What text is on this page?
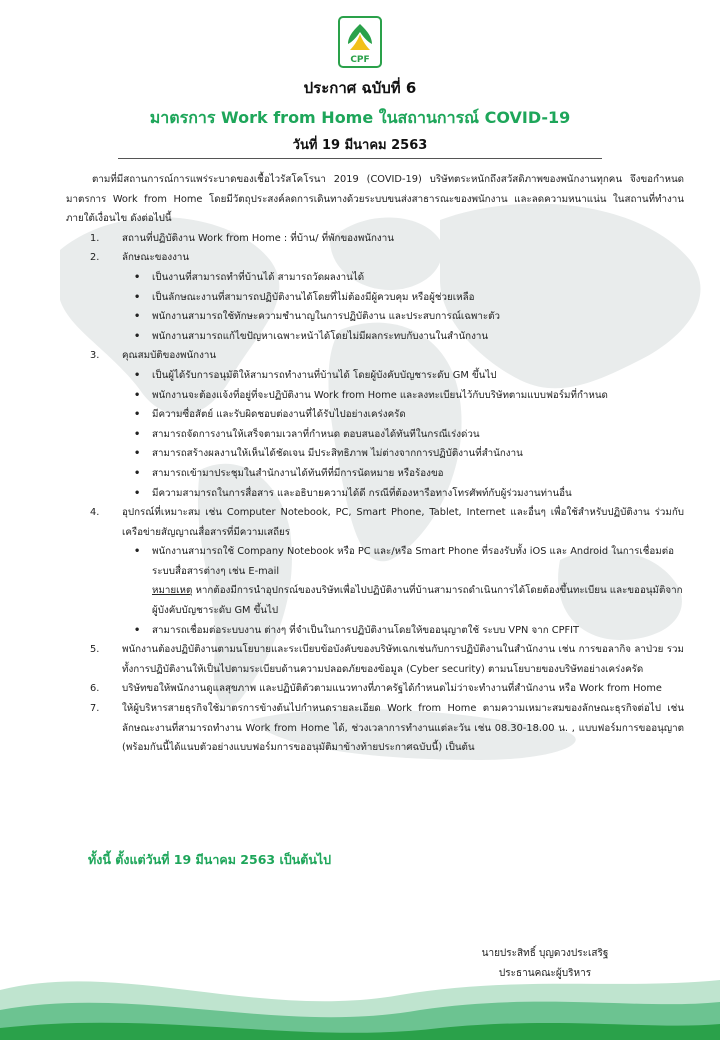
CPF
ประกาศ ฉบับที่ 6
มาตรการ Work from Home ในสถานการณ์ COVID-19
วันที่ 19 มีนาคม 2563

ตามที่มีสถานการณ์การแพร่ระบาดของเชื้อไวรัสโคโรนา 2019 (COVID-19) บริษัทตระหนักถึงสวัสดิภาพของพนักงานทุกคน จึงขอกำหนดมาตรการ Work from Home โดยมีวัตถุประสงค์ลดการเดินทางด้วยระบบขนส่งสาธารณะของพนักงาน และลดความหนาแน่น ในสถานที่ทำงาน ภายใต้เงื่อนไข ดังต่อไปนี้

1.	สถานที่ปฏิบัติงาน Work from Home : ที่บ้าน/ ที่พักของพนักงาน
2.	ลักษณะของงาน
•	เป็นงานที่สามารถทำที่บ้านได้ สามารถวัดผลงานได้
•	เป็นลักษณะงานที่สามารถปฏิบัติงานได้โดยที่ไม่ต้องมีผู้ควบคุม หรือผู้ช่วยเหลือ
•	พนักงานสามารถใช้ทักษะความชำนาญในการปฏิบัติงาน และประสบการณ์เฉพาะตัว
•	พนักงานสามารถแก้ไขปัญหาเฉพาะหน้าได้โดยไม่มีผลกระทบกับงานในสำนักงาน
3.	คุณสมบัติของพนักงาน
•	เป็นผู้ได้รับการอนุมัติให้สามารถทำงานที่บ้านได้ โดยผู้บังคับบัญชาระดับ GM ขึ้นไป
•	พนักงานจะต้องแจ้งที่อยู่ที่จะปฏิบัติงาน Work from Home และลงทะเบียนไว้กับบริษัทตามแบบฟอร์มที่กำหนด
•	มีความซื่อสัตย์ และรับผิดชอบต่องานที่ได้รับไปอย่างเคร่งครัด
•	สามารถจัดการงานให้เสร็จตามเวลาที่กำหนด ตอบสนองได้ทันทีในกรณีเร่งด่วน
•	สามารถสร้างผลงานให้เห็นได้ชัดเจน มีประสิทธิภาพ ไม่ต่างจากการปฏิบัติงานที่สำนักงาน
•	สามารถเข้ามาประชุมในสำนักงานได้ทันทีที่มีการนัดหมาย หรือร้องขอ
•	มีความสามารถในการสื่อสาร และอธิบายความได้ดี กรณีที่ต้องหารือทางโทรศัพท์กับผู้ร่วมงานท่านอื่น
4.	อุปกรณ์ที่เหมาะสม เช่น Computer Notebook, PC, Smart Phone, Tablet, Internet และอื่นๆ เพื่อใช้สำหรับปฏิบัติงาน ร่วมกับเครือข่ายสัญญาณสื่อสารที่มีความเสถียร
•	พนักงานสามารถใช้ Company Notebook หรือ PC และ/หรือ Smart Phone ที่รองรับทั้ง iOS และ Android ในการเชื่อมต่อระบบสื่อสารต่างๆ เช่น E-mail

หมายเหตุ หากต้องมีการนำอุปกรณ์ของบริษัทเพื่อไปปฏิบัติงานที่บ้านสามารถดำเนินการได้โดยต้องขึ้นทะเบียน และขออนุมัติจากผู้บังคับบัญชาระดับ GM ขึ้นไป

•	สามารถเชื่อมต่อระบบงาน ต่างๆ ที่จำเป็นในการปฏิบัติงานโดยให้ขออนุญาตใช้ ระบบ VPN จาก CPFIT
5.	พนักงานต้องปฏิบัติงานตามนโยบายและระเบียบข้อบังคับของบริษัทเฉกเช่นกับการปฏิบัติงานในสำนักงาน เช่น การขอลากิจ ลาป่วย รวมทั้งการปฏิบัติงานให้เป็นไปตามระเบียบด้านความปลอดภัยของข้อมูล (Cyber security) ตามนโยบายของบริษัทอย่างเคร่งครัด
6.	บริษัทขอให้พนักงานดูแลสุขภาพ และปฏิบัติตัวตามแนวทางที่ภาครัฐได้กำหนดไม่ว่าจะทำงานที่สำนักงาน หรือ Work from Home
7.	ให้ผู้บริหารสายธุรกิจใช้มาตรการข้างต้นไปกำหนดรายละเอียด Work from Home ตามความเหมาะสมของลักษณะธุรกิจต่อไป เช่น ลักษณะงานที่สามารถทำงาน Work from Home ได้, ช่วงเวลาการทำงานแต่ละวัน เช่น 08.30-18.00 น. , แบบฟอร์มการขออนุญาต (พร้อมกันนี้ได้แนบตัวอย่างแบบฟอร์มการขออนุมัติมาข้างท้ายประกาศฉบับนี้) เป็นต้น
ทั้งนี้ ตั้งแต่วันที่ 19 มีนาคม 2563 เป็นต้นไป
นายประสิทธิ์ บุญดวงประเสริฐ
ประธานคณะผู้บริหาร
